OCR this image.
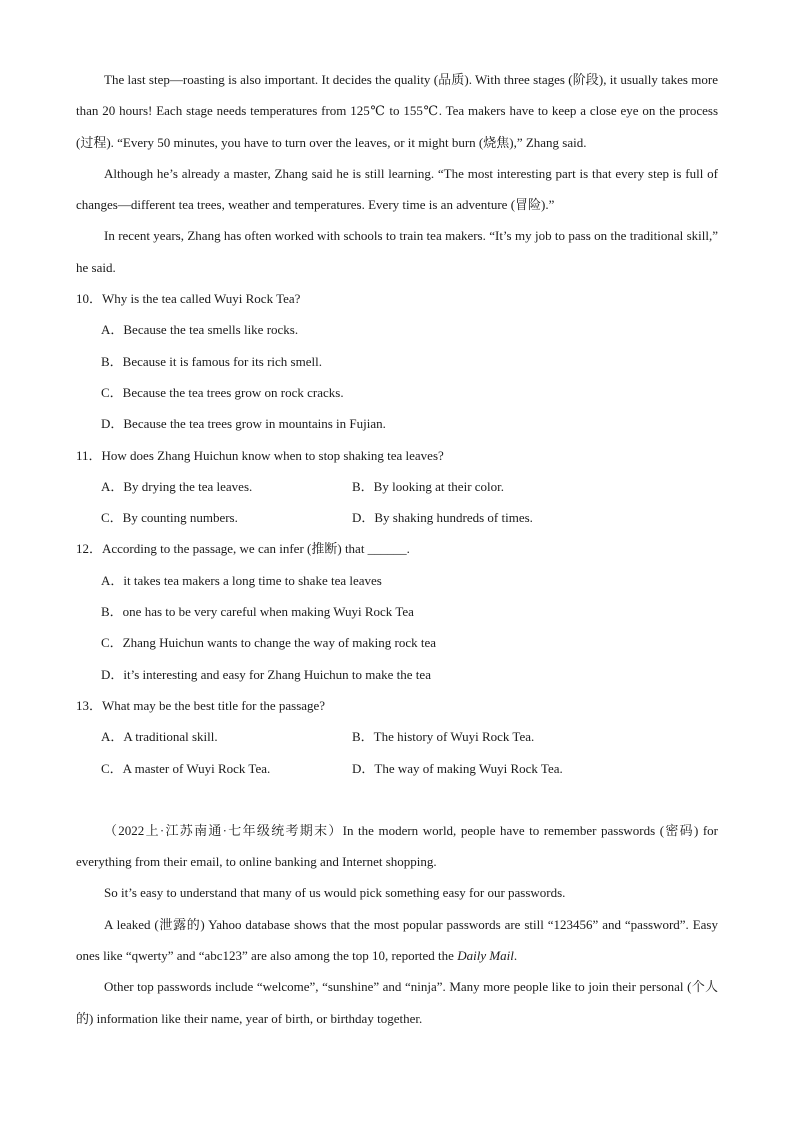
The last step—roasting is also important. It decides the quality (品质). With three stages (阶段), it usually takes more than 20 hours! Each stage needs temperatures from 125℃ to 155℃. Tea makers have to keep a close eye on the process (过程). “Every 50 minutes, you have to turn over the leaves, or it might burn (烧焦),” Zhang said.

Although he’s already a master, Zhang said he is still learning. “The most interesting part is that every step is full of changes—different tea trees, weather and temperatures. Every time is an adventure (冒险).”

In recent years, Zhang has often worked with schools to train tea makers. “It’s my job to pass on the traditional skill,” he said.

10．Why is the tea called Wuyi Rock Tea?

A．Because the tea smells like rocks.

B．Because it is famous for its rich smell.

C．Because the tea trees grow on rock cracks.

D．Because the tea trees grow in mountains in Fujian.

11．How does Zhang Huichun know when to stop shaking tea leaves?

A．By drying the tea leaves.	B．By looking at their color.
C．By counting numbers.	D．By shaking hundreds of times.

12．According to the passage, we can infer (推断) that ______.

A．it takes tea makers a long time to shake tea leaves

B．one has to be very careful when making Wuyi Rock Tea

C．Zhang Huichun wants to change the way of making rock tea

D．it’s interesting and easy for Zhang Huichun to make the tea

13．What may be the best title for the passage?

A．A traditional skill.	B．The history of Wuyi Rock Tea.
C．A master of Wuyi Rock Tea.	D．The way of making Wuyi Rock Tea.

（2022上·江苏南通·七年级统考期末）In the modern world, people have to remember passwords (密码) for everything from their email, to online banking and Internet shopping.

So it’s easy to understand that many of us would pick something easy for our passwords.

A leaked (泄露的) Yahoo database shows that the most popular passwords are still “123456” and “password”. Easy ones like “qwerty” and “abc123” are also among the top 10, reported the Daily Mail.

Other top passwords include “welcome”, “sunshine” and “ninja”. Many more people like to join their personal (个人的) information like their name, year of birth, or birthday together.
